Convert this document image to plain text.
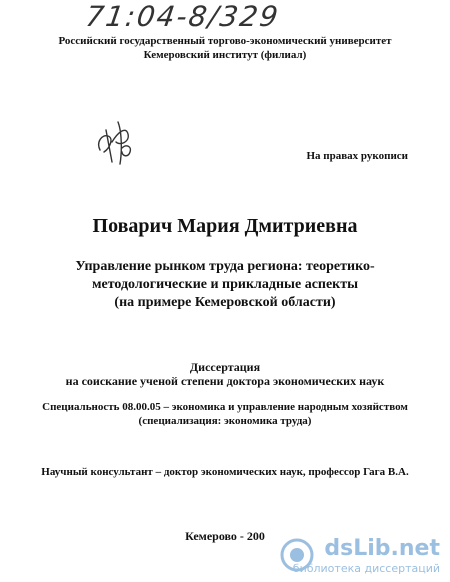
71:04-8/329
Российский государственный торгово-экономический университет
Кемеровский институт (филиал)
На правах рукописи
Поварич Мария Дмитриевна
Управление рынком труда региона: теоретико-
методологические и прикладные аспекты
(на примере Кемеровской области)
Диссертация
на соискание ученой степени доктора экономических наук
Специальность 08.00.05 – экономика и управление народным хозяйством
(специализация: экономика труда)
Научный консультант – доктор экономических наук, профессор Гага В.А.
Кемерово - 200	dsLib.net
библиотека диссертаций
